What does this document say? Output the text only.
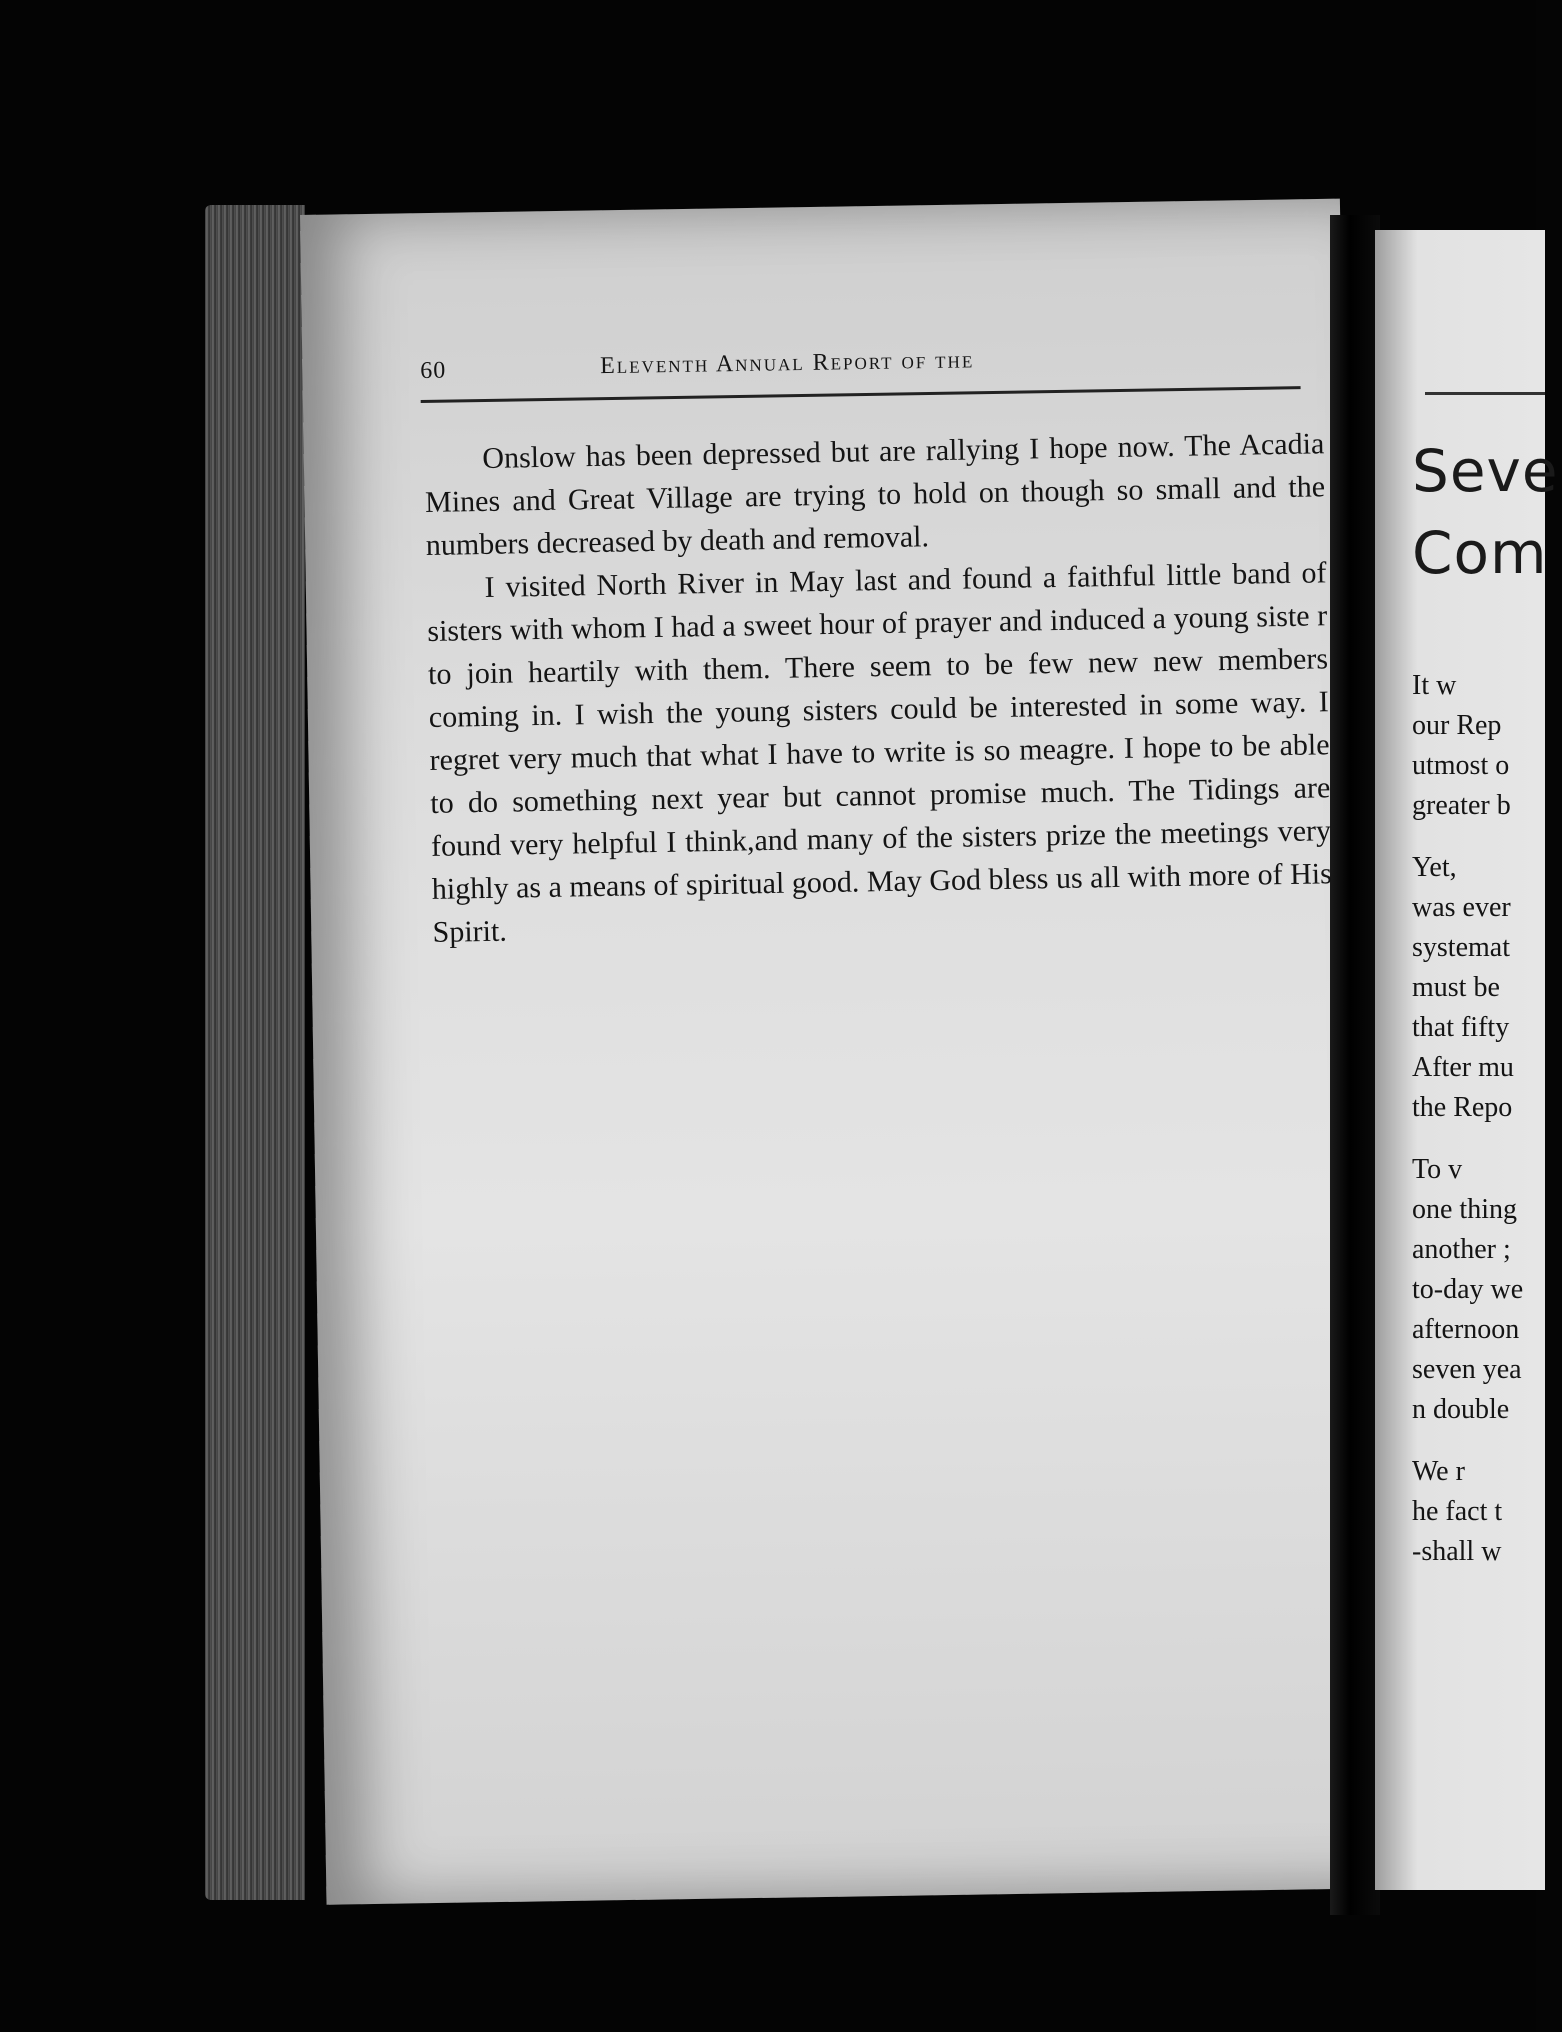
60	Eleventh Annual Report of the

Onslow has been depressed but are rallying I hope now. The Acadia Mines and Great Village are trying to hold on though so small and the numbers decreased by death and removal.

I visited North River in May last and found a faithful little band of sisters with whom I had a sweet hour of prayer and induced a young siste r to join heartily with them. There seem to be few new new members coming in. I wish the young sisters could be interested in some way. I regret very much that what I have to write is so meagre. I hope to be able to do something next year but cannot promise much. The Tidings are found very helpful I think,and many of the sisters prize the meetings very highly as a means of spiritual good. May God bless us all with more of His Spirit.

Seve
Com
It w
our Rep
utmost o
greater b
Yet,
was ever
systemat
must be
that fifty
After mu
the Repo
To v
one thing
another ;
to-day we
afternoon
seven yea
n double
We r
he fact t
-shall w
